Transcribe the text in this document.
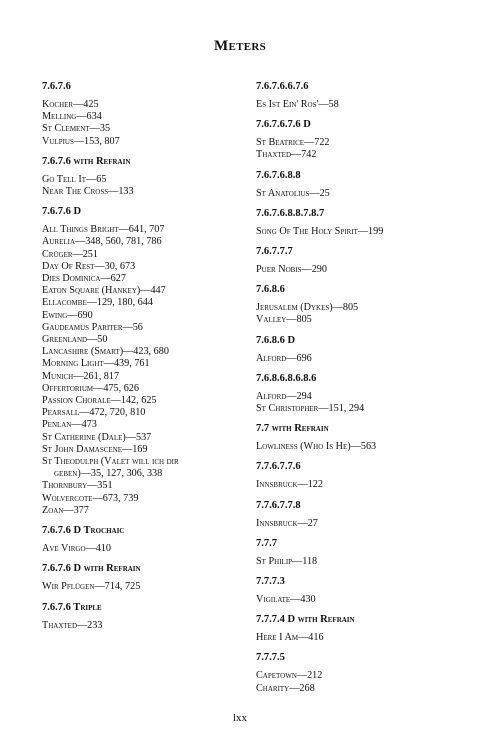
Meters
7.6.7.6
Kocher—425
Melling—634
St Clement—35
Vulpius—153, 807
7.6.7.6 with Refrain
Go Tell It—65
Near The Cross—133
7.6.7.6 D
All Things Bright—641, 707
Aurelia—348, 560, 781, 786
Crüger—251
Day Of Rest—30, 673
Dies Dominica—627
Eaton Square (Hankey)—447
Ellacombe—129, 180, 644
Ewing—690
Gaudeamus Pariter—56
Greenland—50
Lancashire (Smart)—423, 680
Morning Light—439, 761
Munich—261, 817
Offertorium—475, 626
Passion Chorale—142, 625
Pearsall—472, 720, 810
Penlan—473
St Catherine (Dale)—537
St John Damascene—169
St Theodulph (Valet will ich dir
geben)—35, 127, 306, 338
Thornbury—351
Wolvercote—673, 739
Zoan—377
7.6.7.6 D Trochaic
Ave Virgo—410
7.6.7.6 D with Refrain
Wir Pflügen—714, 725
7.6.7.6 Triple
Thaxted—233
7.6.7.6.6.7.6
Es Ist Ein' Ros'—58
7.6.7.6.7.6 D
St Beatrice—722
Thaxted—742
7.6.7.6.8.8
St Anatolius—25
7.6.7.6.8.8.7.8.7
Song Of The Holy Spirit—199
7.6.7.7.7
Puer Nobis—290
7.6.8.6
Jerusalem (Dykes)—805
Valley—805
7.6.8.6 D
Alford—696
7.6.8.6.8.6.8.6
Alford—294
St Christopher—151, 294
7.7 with Refrain
Lowliness (Who Is He)—563
7.7.6.7.7.6
Innsbruck—122
7.7.6.7.7.8
Innsbruck—27
7.7.7
St Philip—118
7.7.7.3
Vigilate—430
7.7.7.4 D with Refrain
Here I Am—416
7.7.7.5
Capetown—212
Charity—268
lxx
